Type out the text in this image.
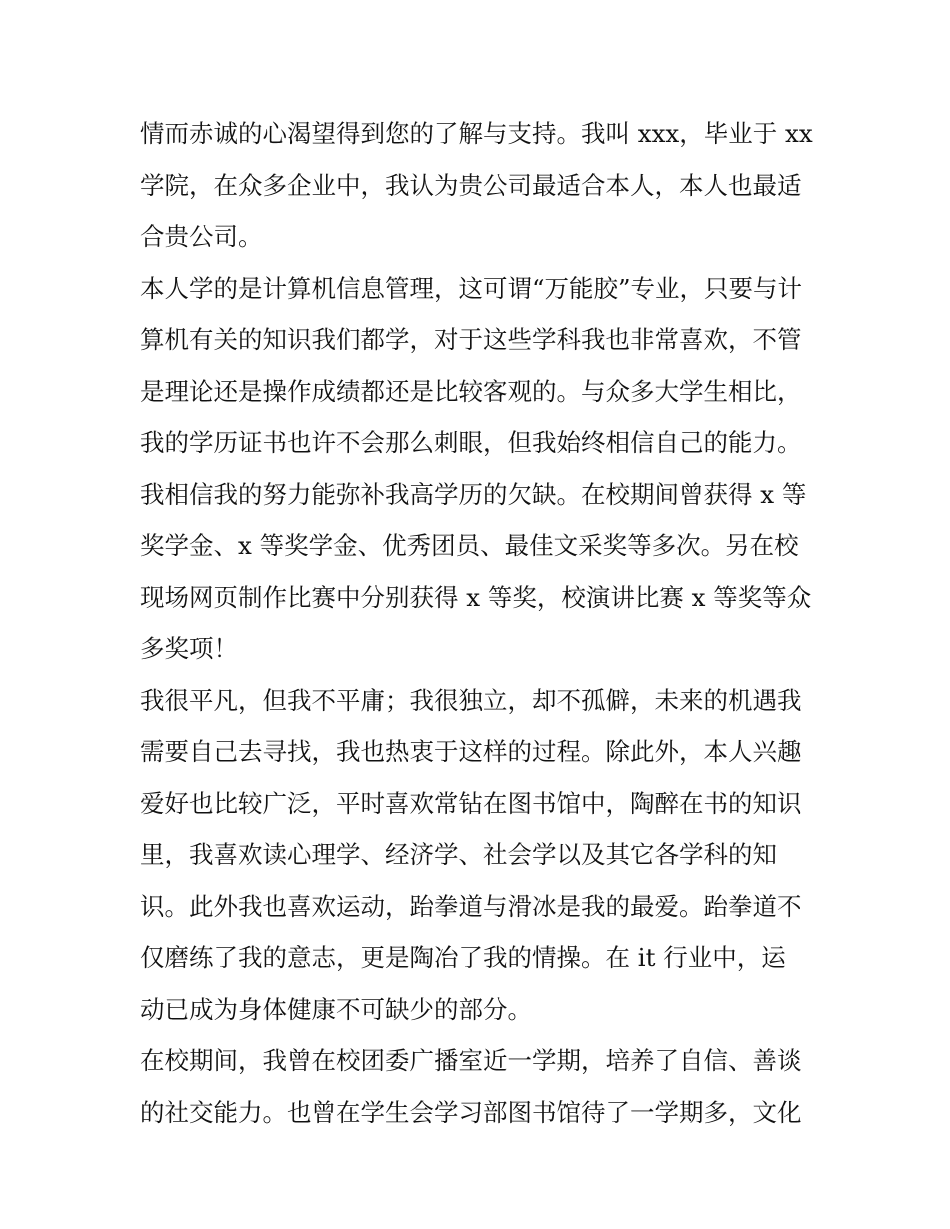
情而赤诚的心渴望得到您的了解与支持。我叫 xxx，毕业于 xx
学院，在众多企业中，我认为贵公司最适合本人，本人也最适
合贵公司。
本人学的是计算机信息管理，这可谓“万能胶”专业，只要与计
算机有关的知识我们都学，对于这些学科我也非常喜欢，不管
是理论还是操作成绩都还是比较客观的。与众多大学生相比，
我的学历证书也许不会那么刺眼，但我始终相信自己的能力。
我相信我的努力能弥补我高学历的欠缺。在校期间曾获得 x 等
奖学金、x 等奖学金、优秀团员、最佳文采奖等多次。另在校
现场网页制作比赛中分别获得 x 等奖，校演讲比赛 x 等奖等众
多奖项！
我很平凡，但我不平庸；我很独立，却不孤僻，未来的机遇我
需要自己去寻找，我也热衷于这样的过程。除此外，本人兴趣
爱好也比较广泛，平时喜欢常钻在图书馆中，陶醉在书的知识
里，我喜欢读心理学、经济学、社会学以及其它各学科的知
识。此外我也喜欢运动，跆拳道与滑冰是我的最爱。跆拳道不
仅磨练了我的意志，更是陶冶了我的情操。在 it 行业中，运
动已成为身体健康不可缺少的部分。
在校期间，我曾在校团委广播室近一学期，培养了自信、善谈
的社交能力。也曾在学生会学习部图书馆待了一学期多，文化
